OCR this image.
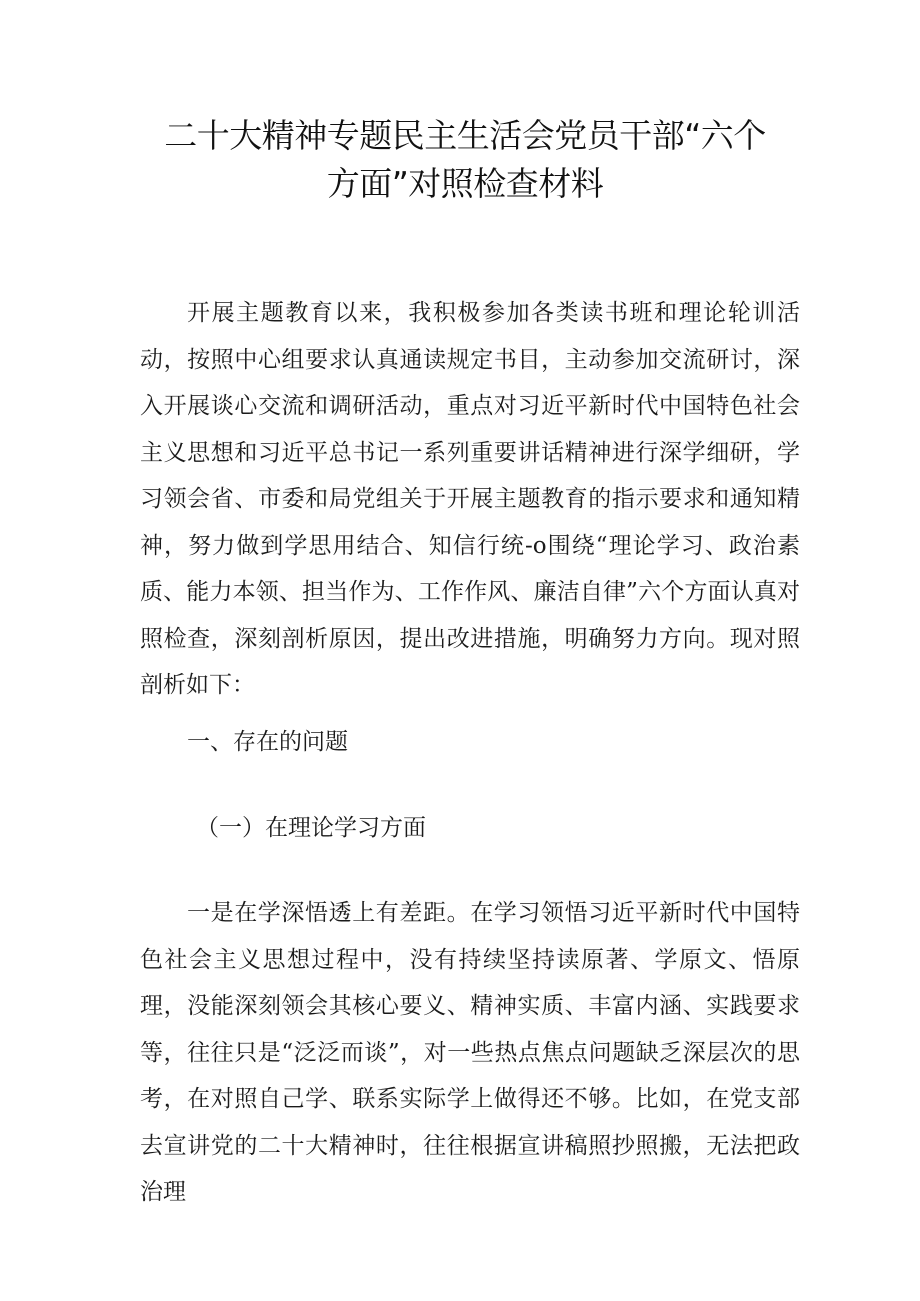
二十大精神专题民主生活会党员干部“六个
方面”对照检查材料

开展主题教育以来，我积极参加各类读书班和理论轮训活动，按照中心组要求认真通读规定书目，主动参加交流研讨，深入开展谈心交流和调研活动，重点对习近平新时代中国特色社会主义思想和习近平总书记一系列重要讲话精神进行深学细研，学习领会省、市委和局党组关于开展主题教育的指示要求和通知精神，努力做到学思用结合、知信行统-o围绕“理论学习、政治素质、能力本领、担当作为、工作作风、廉洁自律”六个方面认真对照检查，深刻剖析原因，提出改进措施，明确努力方向。现对照剖析如下：

一、存在的问题

（一）在理论学习方面

一是在学深悟透上有差距。在学习领悟习近平新时代中国特色社会主义思想过程中，没有持续坚持读原著、学原文、悟原理，没能深刻领会其核心要义、精神实质、丰富内涵、实践要求等，往往只是“泛泛而谈”，对一些热点焦点问题缺乏深层次的思考，在对照自己学、联系实际学上做得还不够。比如，在党支部去宣讲党的二十大精神时，往往根据宣讲稿照抄照搬，无法把政治理
